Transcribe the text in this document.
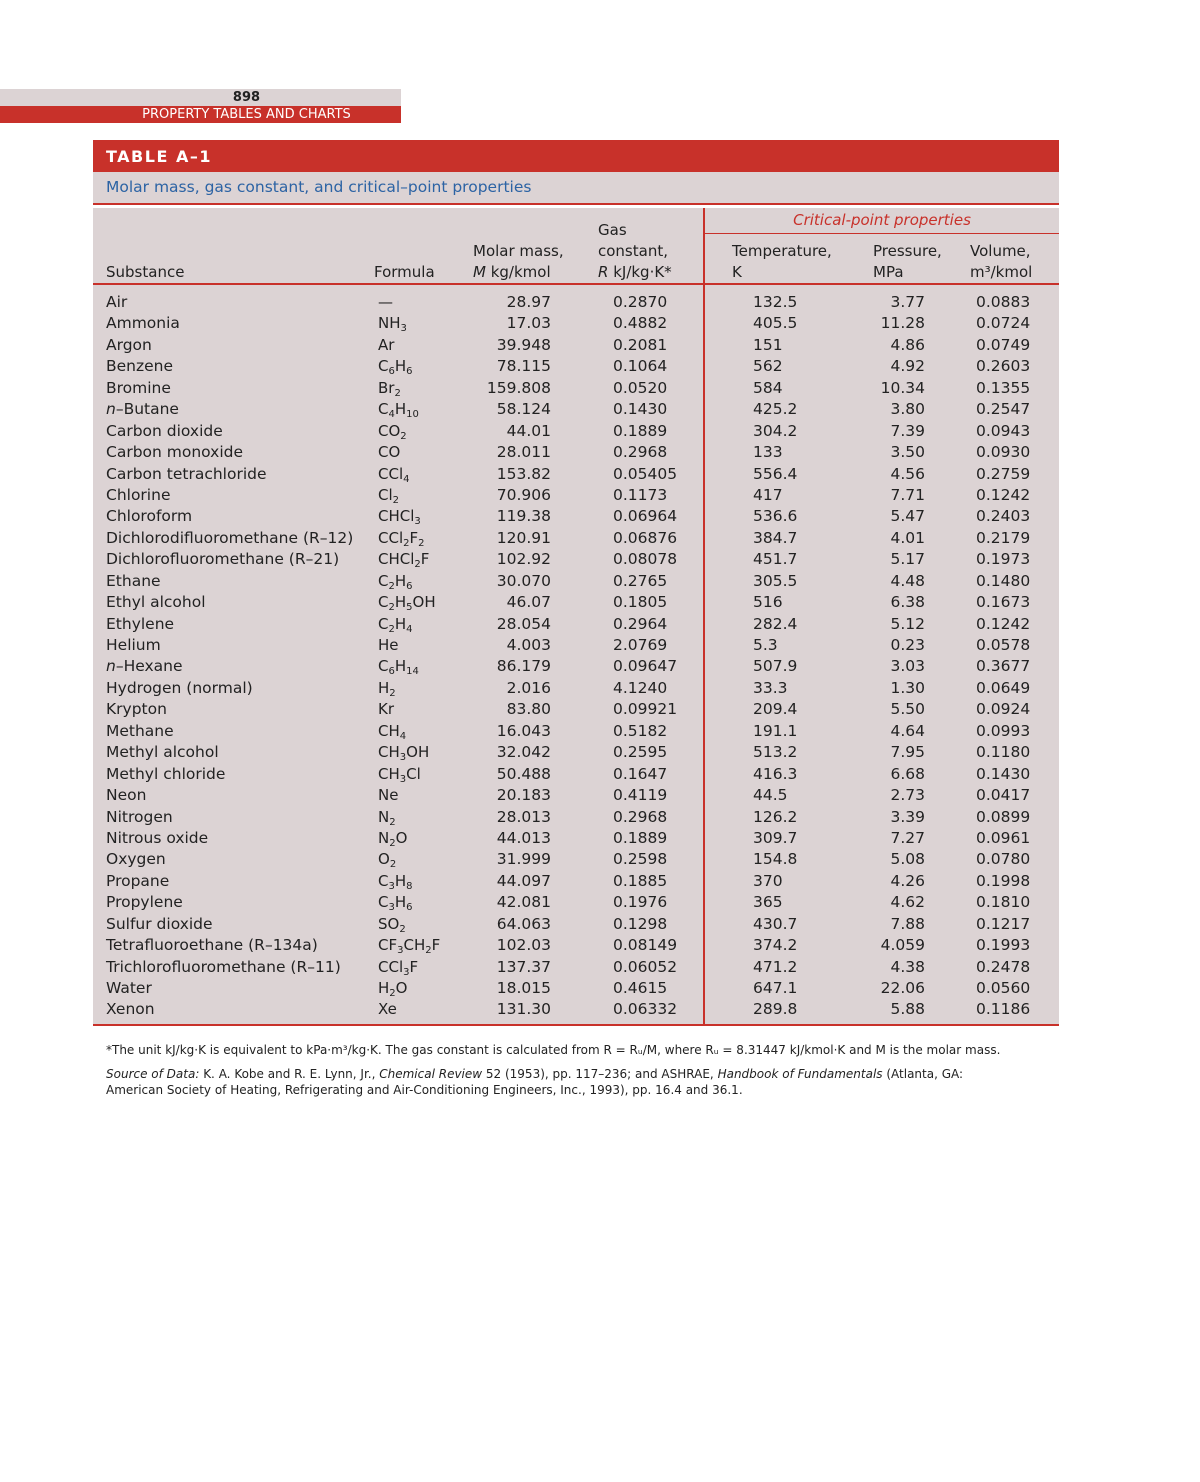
898
PROPERTY TABLES AND CHARTS
TABLE A–1
Molar mass, gas constant, and critical–point properties
Critical-point properties
Substance	Formula
Molar mass,
M kg/kmol
Gas
constant,
R kJ/kg·K*
Temperature,
K
Pressure,
MPa
Volume,
m³/kmol
Air	—	28.97	0.2870	132.5	3.77	0.0883
Ammonia	$NH_3$	17.03	0.4882	405.5	11.28	0.0724
Argon	Ar	39.948	0.2081	151	4.86	0.0749
Benzene	$C_6H_6$	78.115	0.1064	562	4.92	0.2603
Bromine	$Br_2$	159.808	0.0520	584	10.34	0.1355
n–Butane	$C_4H_{10}$	58.124	0.1430	425.2	3.80	0.2547
Carbon dioxide	$CO_2$	44.01	0.1889	304.2	7.39	0.0943
Carbon monoxide	CO	28.011	0.2968	133	3.50	0.0930
Carbon tetrachloride	CCl$_4$	153.82	0.05405	556.4	4.56	0.2759
Chlorine	$Cl_2$	70.906	0.1173	417	7.71	0.1242
Chloroform	CHCl$_3$	119.38	0.06964	536.6	5.47	0.2403
Dichlorodifluoromethane (R–12) $CCl_2F_2$	120.91	0.06876	384.7	4.01	0.2179
Dichlorofluoromethane (R–21)	CHCl$_2$F	102.92	0.08078	451.7	5.17	0.1973
Ethane	$C_2H_6$	30.070	0.2765	305.5	4.48	0.1480
Ethyl alcohol	$C_2H_5OH$	46.07	0.1805	516	6.38	0.1673
Ethylene	$C_2H_4$	28.054	0.2964	282.4	5.12	0.1242
Helium	He	4.003	2.0769	5.3	0.23	0.0578
n–Hexane	$C_6H_{14}$	86.179	0.09647	507.9	3.03	0.3677
Hydrogen (normal)	$H_2$	2.016	4.1240	33.3	1.30	0.0649
Krypton	Kr	83.80	0.09921	209.4	5.50	0.0924
Methane	$CH_4$	16.043	0.5182	191.1	4.64	0.0993
Methyl alcohol	$CH_3OH$	32.042	0.2595	513.2	7.95	0.1180
Methyl chloride	$CH_3Cl$	50.488	0.1647	416.3	6.68	0.1430
Neon	Ne	20.183	0.4119	44.5	2.73	0.0417
Nitrogen	$N_2$	28.013	0.2968	126.2	3.39	0.0899
Nitrous oxide	$N_2O$	44.013	0.1889	309.7	7.27	0.0961
Oxygen	$O_2$	31.999	0.2598	154.8	5.08	0.0780
Propane	$C_3H_8$	44.097	0.1885	370	4.26	0.1998
Propylene	$C_3H_6$	42.081	0.1976	365	4.62	0.1810
Sulfur dioxide	$SO_2$	64.063	0.1298	430.7	7.88	0.1217
Tetrafluoroethane (R–134a)	$CF_3CH_2F$	102.03	0.08149	374.2	4.059	0.1993
Trichlorofluoromethane (R–11) CCl$_3$F	137.37	0.06052	471.2	4.38	0.2478
Water	$H_2O$	18.015	0.4615	647.1	22.06	0.0560
Xenon	Xe	131.30	0.06332	289.8	5.88	0.1186

*The unit kJ/kg·K is equivalent to kPa·m³/kg·K. The gas constant is calculated from R = Rᵤ/M, where Rᵤ = 8.31447 kJ/kmol·K and M is the molar mass.

Source of Data: K. A. Kobe and R. E. Lynn, Jr., Chemical Review 52 (1953), pp. 117–236; and ASHRAE, Handbook of Fundamentals (Atlanta, GA: American Society of Heating, Refrigerating and Air-Conditioning Engineers, Inc., 1993), pp. 16.4 and 36.1.
